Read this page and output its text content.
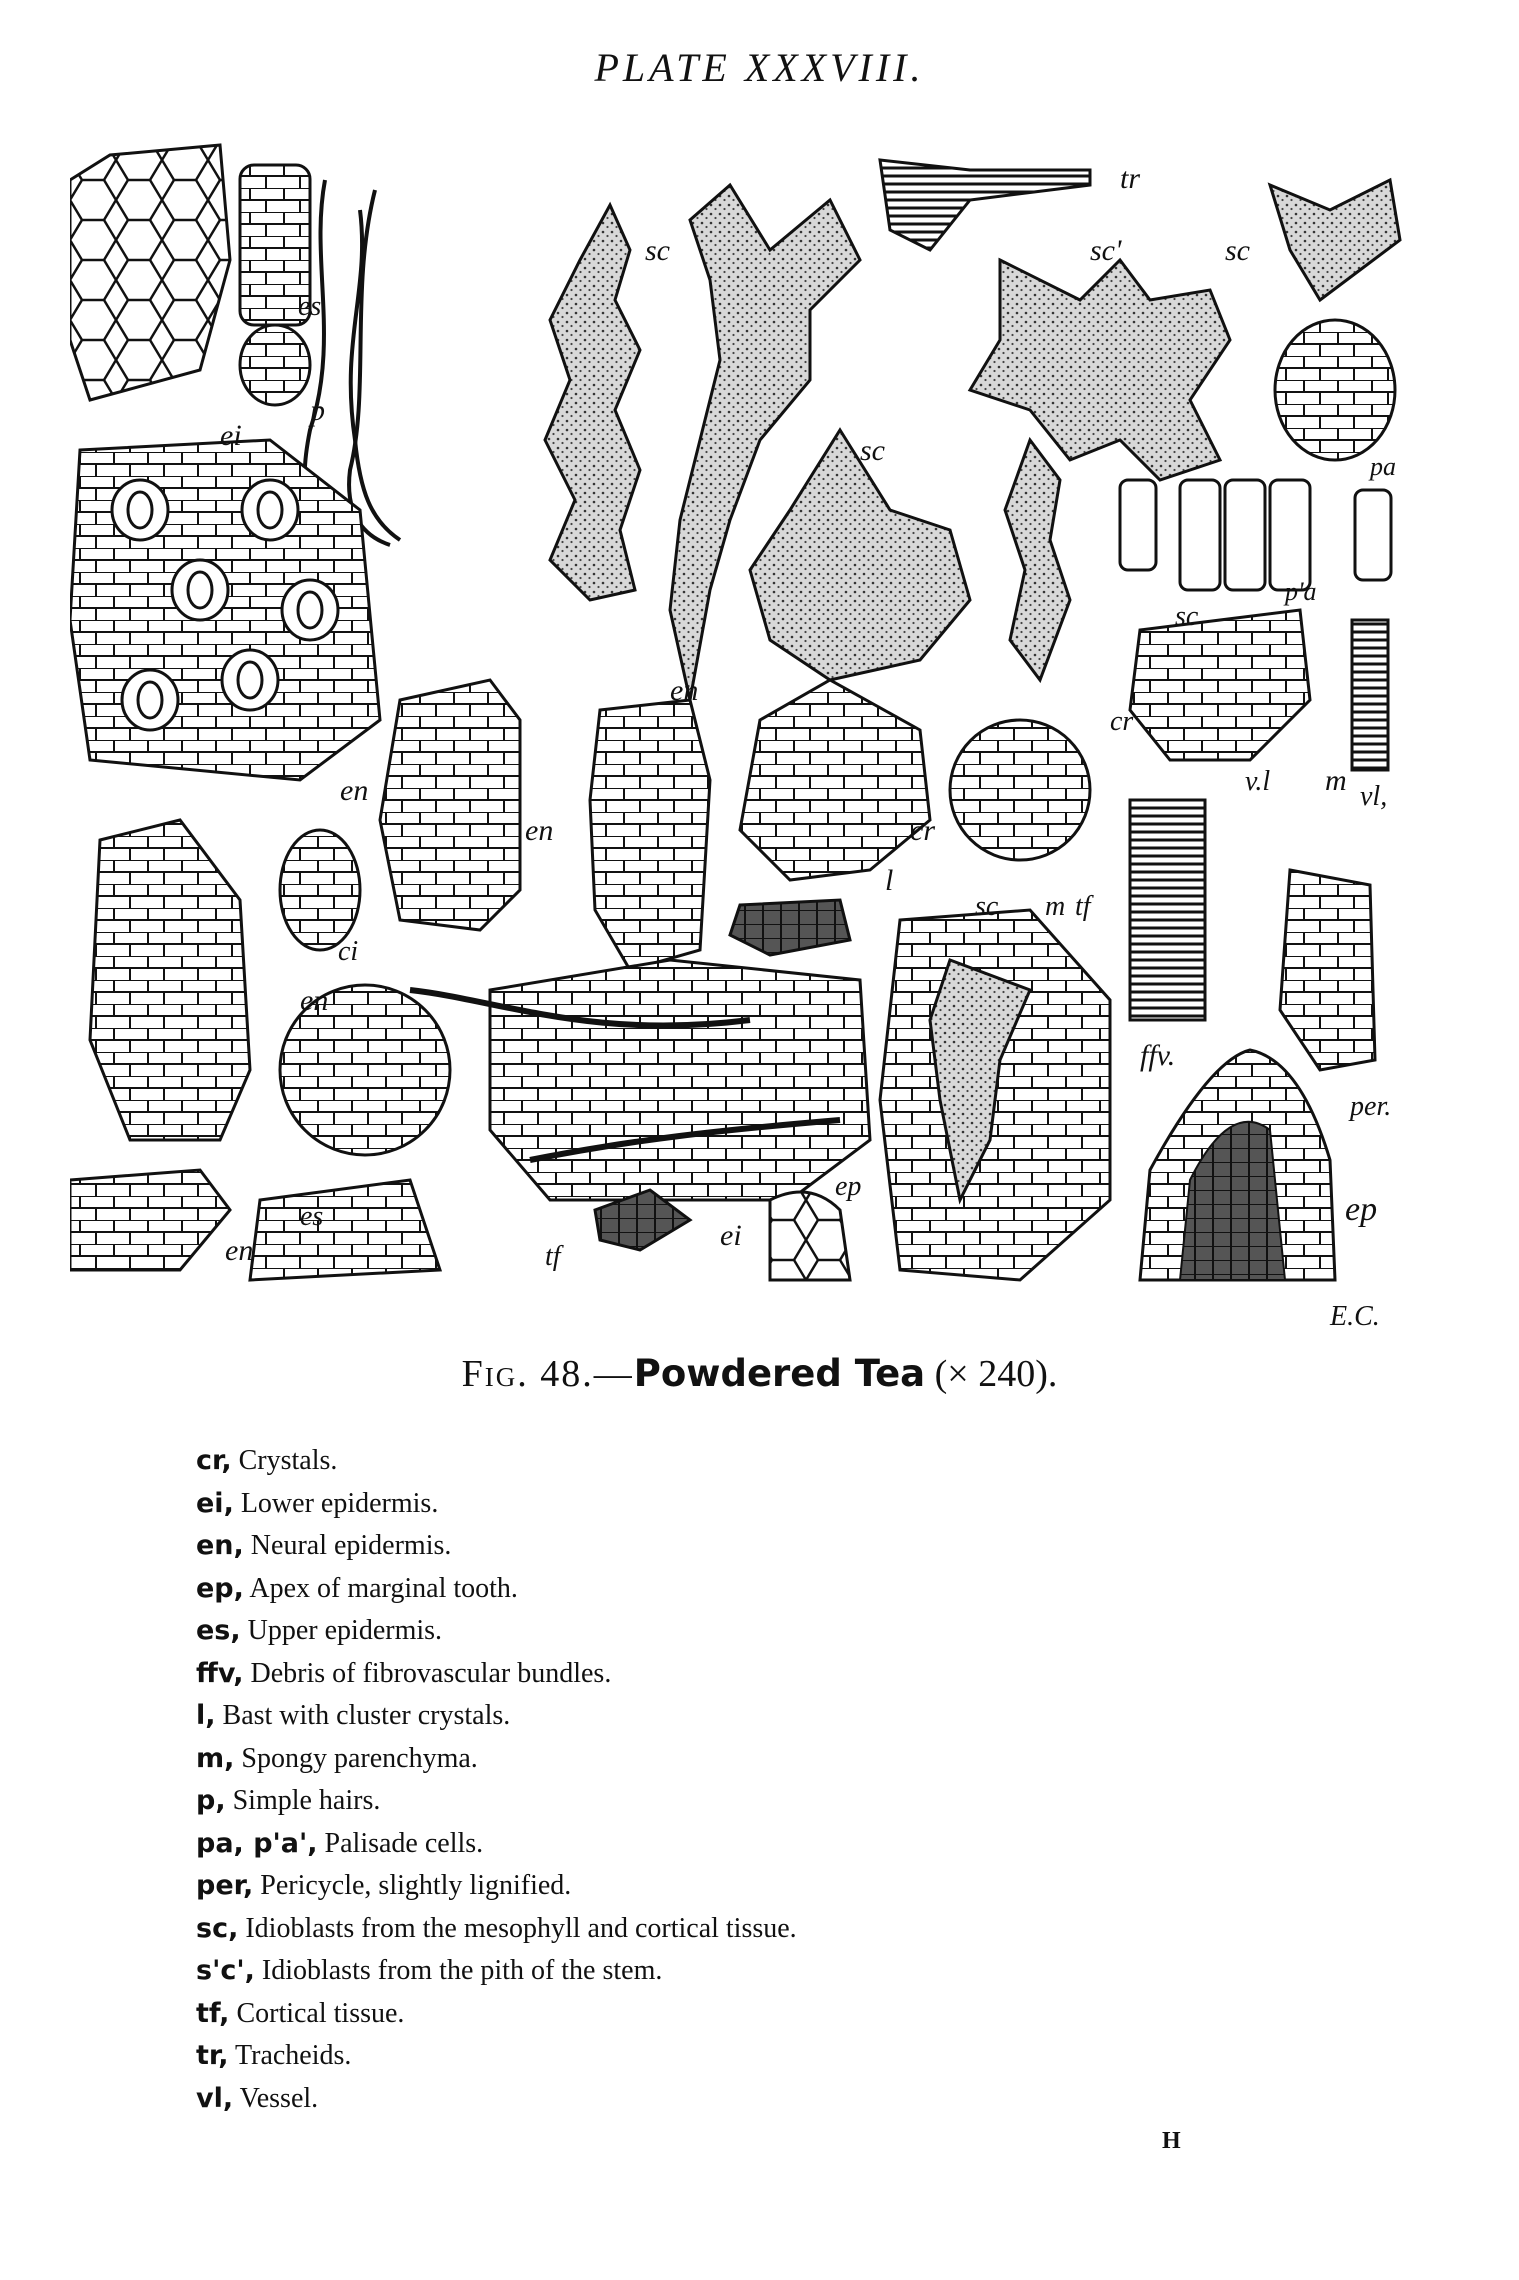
PLATE XXXVIII.
tr
sc	sc'	sc
es
ei
p
pa
p'a
sc
sc
en
en
en
en
en
cr
cr
l
m
m tf
sc
v.l	vl,
ffv.
per.
ci
es
ep
ep
tf
ei
E.C.
Fig. 48.—Powdered Tea (× 240).
cr, Crystals.
ei, Lower epidermis.
en, Neural epidermis.
ep, Apex of marginal tooth.
es, Upper epidermis.
ffv, Debris of fibrovascular bundles.
l, Bast with cluster crystals.
m, Spongy parenchyma.
p, Simple hairs.
pa, p'a', Palisade cells.
per, Pericycle, slightly lignified.
sc, Idioblasts from the mesophyll and cortical tissue.
s'c', Idioblasts from the pith of the stem.
tf, Cortical tissue.
tr, Tracheids.
vl, Vessel.
H
